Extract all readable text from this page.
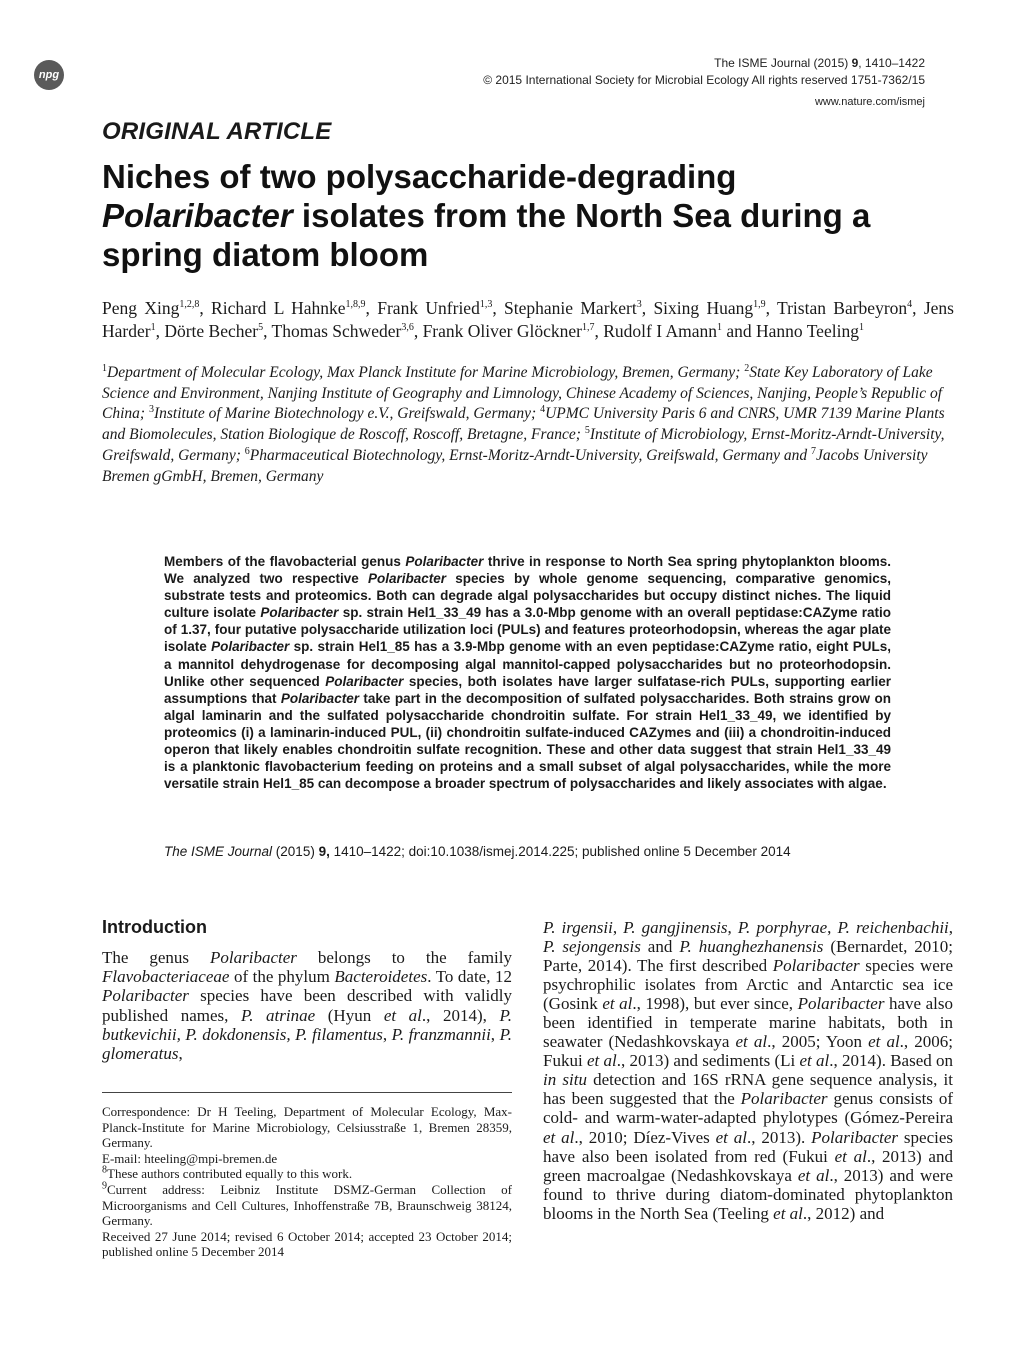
npg
The ISME Journal (2015) 9, 1410–1422
© 2015 International Society for Microbial Ecology All rights reserved 1751-7362/15
www.nature.com/ismej
ORIGINAL ARTICLE
Niches of two polysaccharide-degrading
Polaribacter isolates from the North Sea during a spring diatom bloom
Peng Xing$^{1,2,8}$, Richard L Hahnke$^{1,8,9}$, Frank Unfried$^{1,3}$, Stephanie Markert$^3$, Sixing Huang$^{1,9}$, Tristan Barbeyron$^4$, Jens Harder$^1$, Dörte Becher$^5$, Thomas Schweder$^{3,6}$, Frank Oliver Glöckner$^{1,7}$, Rudolf I Amann$^1$ and Hanno Teeling$^1$
$^1$Department of Molecular Ecology, Max Planck Institute for Marine Microbiology, Bremen, Germany; $^2$State Key Laboratory of Lake Science and Environment, Nanjing Institute of Geography and Limnology, Chinese Academy of Sciences, Nanjing, People’s Republic of China; $^3$Institute of Marine Biotechnology e.V., Greifswald, Germany; $^4$UPMC University Paris 6 and CNRS, UMR 7139 Marine Plants and Biomolecules, Station Biologique de Roscoff, Roscoff, Bretagne, France; $^5$Institute of Microbiology, Ernst-Moritz-Arndt-University, Greifswald, Germany; $^6$Pharmaceutical Biotechnology, Ernst-Moritz-Arndt-University, Greifswald, Germany and $^7$Jacobs University Bremen gGmbH, Bremen, Germany
Members of the flavobacterial genus Polaribacter thrive in response to North Sea spring phytoplankton blooms. We analyzed two respective Polaribacter species by whole genome sequencing, comparative genomics, substrate tests and proteomics. Both can degrade algal polysaccharides but occupy distinct niches. The liquid culture isolate Polaribacter sp. strain Hel1_33_49 has a 3.0-Mbp genome with an overall peptidase:CAZyme ratio of 1.37, four putative polysaccharide utilization loci (PULs) and features proteorhodopsin, whereas the agar plate isolate Polaribacter sp. strain Hel1_85 has a 3.9-Mbp genome with an even peptidase:CAZyme ratio, eight PULs, a mannitol dehydrogenase for decomposing algal mannitol-capped polysaccharides but no proteorhodopsin. Unlike other sequenced Polaribacter species, both isolates have larger sulfatase-rich PULs, supporting earlier assumptions that Polaribacter take part in the decomposition of sulfated polysaccharides. Both strains grow on algal laminarin and the sulfated polysaccharide chondroitin sulfate. For strain Hel1_33_49, we identified by proteomics (i) a laminarin-induced PUL, (ii) chondroitin sulfate-induced CAZymes and (iii) a chondroitin-induced operon that likely enables chondroitin sulfate recognition. These and other data suggest that strain Hel1_33_49 is a planktonic flavobacterium feeding on proteins and a small subset of algal polysaccharides, while the more versatile strain Hel1_85 can decompose a broader spectrum of polysaccharides and likely associates with algae.
The ISME Journal (2015) 9, 1410–1422; doi:10.1038/ismej.2014.225; published online 5 December 2014
Introduction
The genus Polaribacter belongs to the family Flavobacteriaceae of the phylum Bacteroidetes. To date, 12 Polaribacter species have been described with validly published names, P. atrinae (Hyun et al., 2014), P. butkevichii, P. dokdonensis, P. filamentus, P. franzmannii, P. glomeratus,
P. irgensii, P. gangjinensis, P. porphyrae, P. reichenbachii, P. sejongensis and P. huanghezhanensis (Bernardet, 2010; Parte, 2014). The first described Polaribacter species were psychrophilic isolates from Arctic and Antarctic sea ice (Gosink et al., 1998), but ever since, Polaribacter have also been identified in temperate marine habitats, both in seawater (Nedashkovskaya et al., 2005; Yoon et al., 2006; Fukui et al., 2013) and sediments (Li et al., 2014). Based on in situ detection and 16S rRNA gene sequence analysis, it has been suggested that the Polaribacter genus consists of cold- and warm-water-adapted phylotypes (Gómez-Pereira et al., 2010; Díez-Vives et al., 2013). Polaribacter species have also been isolated from red (Fukui et al., 2013) and green macroalgae (Nedashkovskaya et al., 2013) and were found to thrive during diatom-dominated phytoplankton blooms in the North Sea (Teeling et al., 2012) and
Correspondence: Dr H Teeling, Department of Molecular Ecology, Max-Planck-Institute for Marine Microbiology, Celsiusstraße 1, Bremen 28359, Germany.
E-mail: hteeling@mpi-bremen.de
$^8$These authors contributed equally to this work.
$^9$Current address: Leibniz Institute DSMZ-German Collection of Microorganisms and Cell Cultures, Inhoffenstraße 7B, Braunschweig 38124, Germany.
Received 27 June 2014; revised 6 October 2014; accepted 23 October 2014; published online 5 December 2014
